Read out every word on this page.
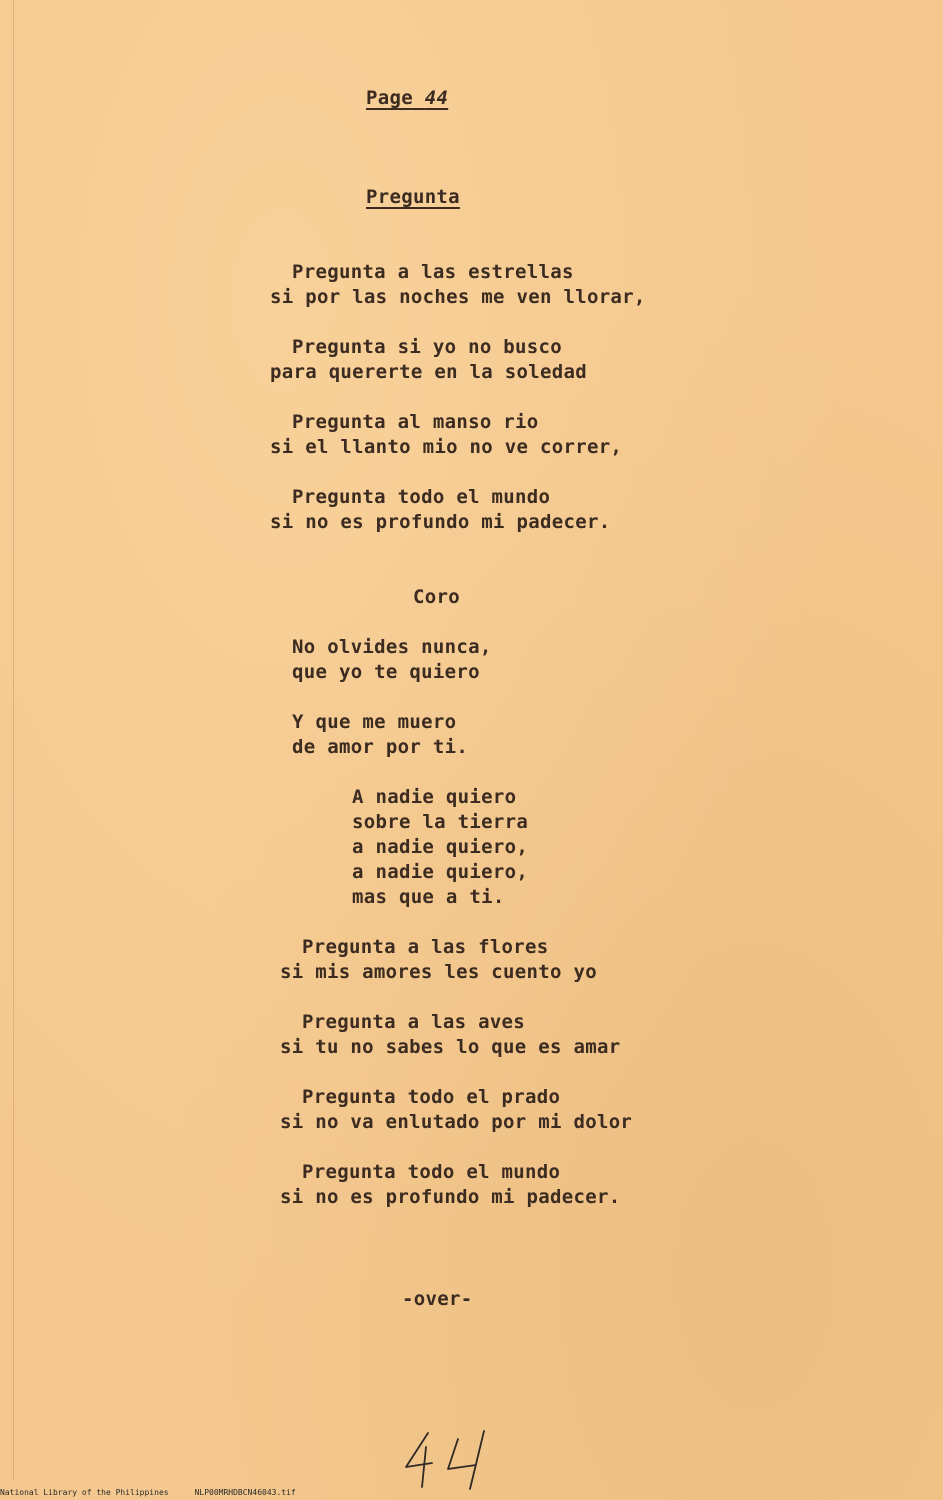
Page 44
Pregunta
Pregunta a las estrellas
si por las noches me ven llorar,
Pregunta si yo no busco
para quererte en la soledad
Pregunta al manso rio
si el llanto mio no ve correr,
Pregunta todo el mundo
si no es profundo mi padecer.
Coro
No olvides nunca,
que yo te quiero
Y que me muero
de amor por ti.
A nadie quiero
sobre la tierra
a nadie quiero,
a nadie quiero,
mas que a ti.
Pregunta a las flores
si mis amores les cuento yo
Pregunta a las aves
si tu no sabes lo que es amar
Pregunta todo el prado
si no va enlutado por mi dolor
Pregunta todo el mundo
si no es profundo mi padecer.
-over-
National Library of the Philippines	NLP00MRHDBCN46043.tif
